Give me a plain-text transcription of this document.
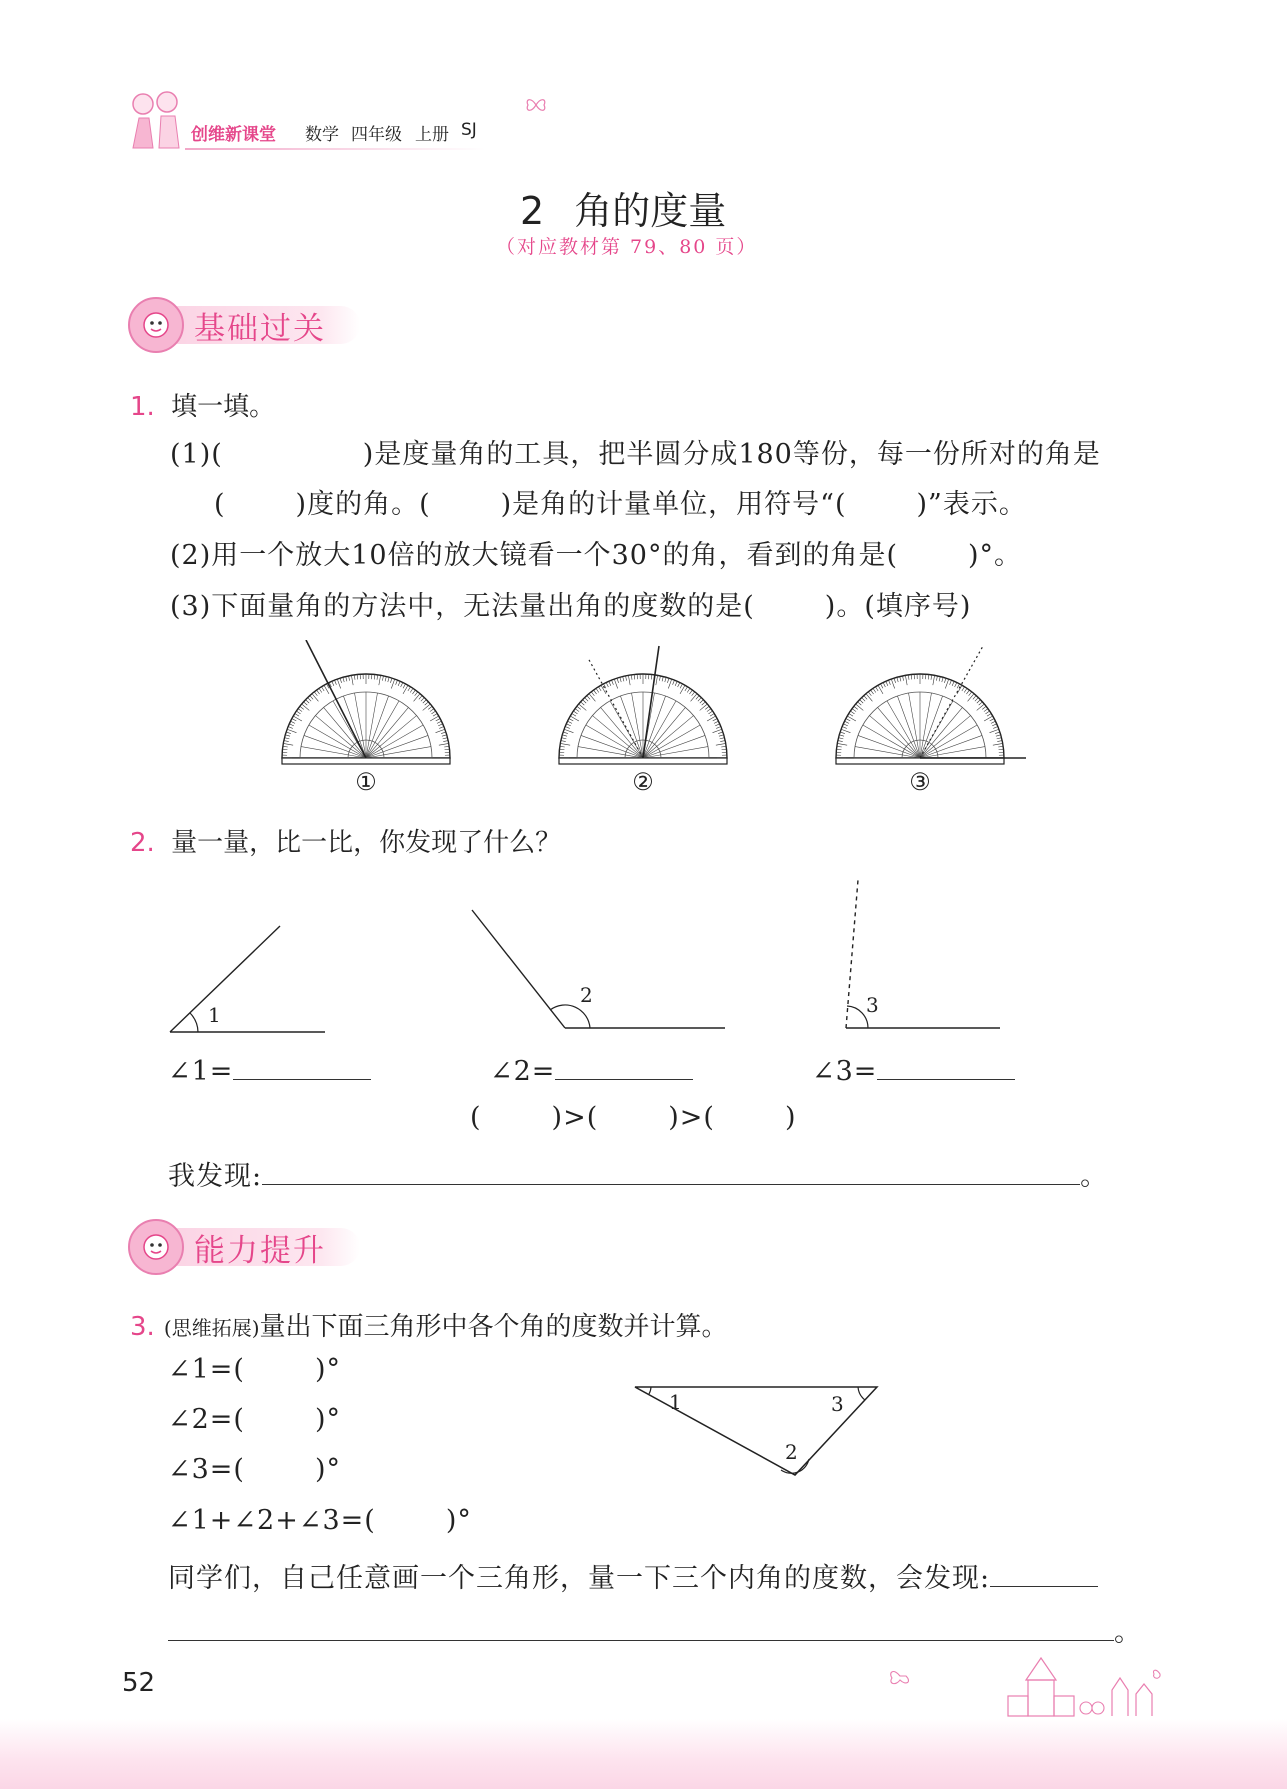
创维新课堂 数学 四年级 上册 SJ
2 角的度量
（对应教材第 79、80 页）
基础过关
1. 填一填。
(1)(	)是度量角的工具，把半圆分成180等份，每一份所对的角是
(	)度的角。(	)是角的计量单位，用符号“(	)”表示。
(2)用一个放大10倍的放大镜看一个30°的角，看到的角是(	)°。
(3)下面量角的方法中，无法量出角的度数的是(	)。(填序号)
①	②	③
2. 量一量，比一比，你发现了什么？
1
2	3
∠1=	∠2=	∠3=
(	)>(	)>(	)
我发现:	。
能力提升
3. (思维拓展)量出下面三角形中各个角的度数并计算。
∠1=(	)°
∠2=(	)°
∠3=(	)°
∠1+∠2+∠3=(	)°
1
2
3
同学们，自己任意画一个三角形，量一下三个内角的度数，会发现:
。
52
